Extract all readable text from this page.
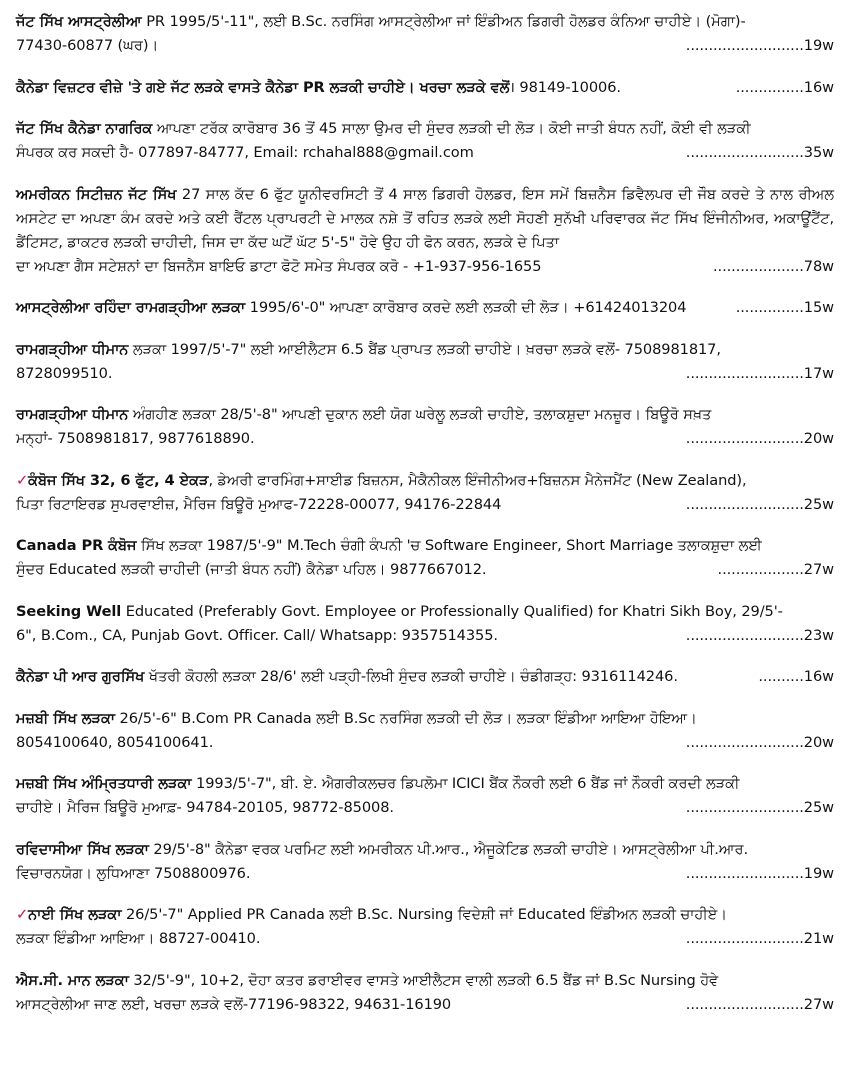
ਜੱਟ ਸਿੱਖ ਆਸਟ੍ਰੇਲੀਆ PR 1995/5'-11", ਲਈ B.Sc. ਨਰਸਿੰਗ ਆਸਟ੍ਰੇਲੀਆ ਜਾਂ ਇੰਡੀਅਨ ਡਿਗਰੀ ਹੋਲਡਰ ਕੰਨਿਆ ਚਾਹੀਏ। (ਮੋਗਾ)-
77430-60877 (ਘਰ)।	..........................19w
ਕੈਨੇਡਾ ਵਿਜ਼ਟਰ ਵੀਜ਼ੇ 'ਤੇ ਗਏ ਜੱਟ ਲੜਕੇ ਵਾਸਤੇ ਕੈਨੇਡਾ PR ਲੜਕੀ ਚਾਹੀਏ। ਖਰਚਾ ਲੜਕੇ ਵਲੋਂ। 98149-10006.	...............16w
ਜੱਟ ਸਿੱਖ ਕੈਨੇਡਾ ਨਾਗਰਿਕ ਆਪਣਾ ਟਰੱਕ ਕਾਰੋਬਾਰ 36 ਤੋਂ 45 ਸਾਲਾ ਉਮਰ ਦੀ ਸੁੰਦਰ ਲੜਕੀ ਦੀ ਲੋੜ। ਕੋਈ ਜਾਤੀ ਬੰਧਨ ਨਹੀਂ, ਕੋਈ ਵੀ ਲੜਕੀ
ਸੰਪਰਕ ਕਰ ਸਕਦੀ ਹੈ- 077897-84777, Email: rchahal888@gmail.com	..........................35w
ਅਮਰੀਕਨ ਸਿਟੀਜ਼ਨ ਜੱਟ ਸਿੱਖ 27 ਸਾਲ ਕੱਦ 6 ਫੁੱਟ ਯੂਨੀਵਰਸਿਟੀ ਤੋਂ 4 ਸਾਲ ਡਿਗਰੀ ਹੋਲਡਰ, ਇਸ ਸਮੇਂ ਬਿਜ਼ਨੈਸ ਡਿਵੈਲਪਰ ਦੀ ਜੌਬ ਕਰਦੇ ਤੇ ਨਾਲ ਰੀਅਲ ਅਸਟੇਟ ਦਾ ਅਪਣਾ ਕੰਮ ਕਰਦੇ ਅਤੇ ਕਈ ਰੈਂਟਲ ਪ੍ਰਾਪਰਟੀ ਦੇ ਮਾਲਕ ਨਸ਼ੇ ਤੋਂ ਰਹਿਤ ਲੜਕੇ ਲਈ ਸੋਹਣੀ ਸੁਨੱਖੀ ਪਰਿਵਾਰਕ ਜੱਟ ਸਿੱਖ ਇੰਜੀਨੀਅਰ, ਅਕਾਊਂਟੈਂਟ, ਡੈਂਟਿਸਟ, ਡਾਕਟਰ ਲੜਕੀ ਚਾਹੀਦੀ, ਜਿਸ ਦਾ ਕੱਦ ਘਟੋਂ ਘੱਟ 5'-5" ਹੋਵੇ ਉਹ ਹੀ ਫੋਨ ਕਰਨ, ਲੜਕੇ ਦੇ ਪਿਤਾ
ਦਾ ਅਪਣਾ ਗੈਸ ਸਟੇਸ਼ਨਾਂ ਦਾ ਬਿਜਨੈਸ ਬਾਇਓ ਡਾਟਾ ਫੋਟੋ ਸਮੇਤ ਸੰਪਰਕ ਕਰੋ - +1-937-956-1655	....................78w
ਆਸਟ੍ਰੇਲੀਆ ਰਹਿੰਦਾ ਰਾਮਗੜ੍ਹੀਆ ਲੜਕਾ 1995/6'-0" ਆਪਣਾ ਕਾਰੋਬਾਰ ਕਰਦੇ ਲਈ ਲੜਕੀ ਦੀ ਲੋੜ। +61424013204	...............15w
ਰਾਮਗੜ੍ਹੀਆ ਧੀਮਾਨ ਲੜਕਾ 1997/5'-7" ਲਈ ਆਈਲੈਟਸ 6.5 ਬੈਂਡ ਪ੍ਰਾਪਤ ਲੜਕੀ ਚਾਹੀਏ। ਖ਼ਰਚਾ ਲੜਕੇ ਵਲੋਂ- 7508981817,
8728099510.	..........................17w
ਰਾਮਗੜ੍ਹੀਆ ਧੀਮਾਨ ਅੰਗਹੀਣ ਲੜਕਾ 28/5'-8" ਆਪਣੀ ਦੁਕਾਨ ਲਈ ਯੋਗ ਘਰੇਲੂ ਲੜਕੀ ਚਾਹੀਏ, ਤਲਾਕਸ਼ੁਦਾ ਮਨਜ਼ੂਰ। ਬਿਊਰੋ ਸਖ਼ਤ
ਮਨ੍ਹਾਂ- 7508981817, 9877618890.	..........................20w
✓ਕੰਬੋਜ ਸਿੱਖ 32, 6 ਫੁੱਟ, 4 ਏਕੜ, ਡੇਅਰੀ ਫਾਰਮਿੰਗ+ਸਾਈਡ ਬਿਜ਼ਨਸ, ਮੈਕੈਨੀਕਲ ਇੰਜੀਨੀਅਰ+ਬਿਜ਼ਨਸ ਮੈਨੇਜਮੈਂਟ (New Zealand),
ਪਿਤਾ ਰਿਟਾਇਰਡ ਸੁਪਰਵਾਈਜ਼, ਮੈਰਿਜ ਬਿਊਰੋ ਮੁਆਫ-72228-00077, 94176-22844	..........................25w
Canada PR ਕੰਬੋਜ ਸਿੱਖ ਲੜਕਾ 1987/5'-9" M.Tech ਚੰਗੀ ਕੰਪਨੀ 'ਚ Software Engineer, Short Marriage ਤਲਾਕਸ਼ੁਦਾ ਲਈ
ਸੁੰਦਰ Educated ਲੜਕੀ ਚਾਹੀਦੀ (ਜਾਤੀ ਬੰਧਨ ਨਹੀਂ) ਕੈਨੇਡਾ ਪਹਿਲ। 9877667012.	...................27w
Seeking Well Educated (Preferably Govt. Employee or Professionally Qualified) for Khatri Sikh Boy, 29/5'-
6", B.Com., CA, Punjab Govt. Officer. Call/ Whatsapp: 9357514355.	..........................23w
ਕੈਨੇਡਾ ਪੀ ਆਰ ਗੁਰਸਿੱਖ ਖੱਤਰੀ ਕੋਹਲੀ ਲੜਕਾ 28/6' ਲਈ ਪੜ੍ਹੀ-ਲਿਖੀ ਸੁੰਦਰ ਲੜਕੀ ਚਾਹੀਏ। ਚੰਡੀਗੜ੍ਹ: 9316114246.	..........16w
ਮਜ਼ਬੀ ਸਿੱਖ ਲੜਕਾ 26/5'-6" B.Com PR Canada ਲਈ B.Sc ਨਰਸਿੰਗ ਲੜਕੀ ਦੀ ਲੋੜ। ਲੜਕਾ ਇੰਡੀਆ ਆਇਆ ਹੋਇਆ।
8054100640, 8054100641.	..........................20w
ਮਜ਼ਬੀ ਸਿੱਖ ਅੰਮ੍ਰਿਤਧਾਰੀ ਲੜਕਾ 1993/5'-7", ਬੀ. ਏ. ਐਗਰੀਕਲਚਰ ਡਿਪਲੋਮਾ ICICI ਬੈਂਕ ਨੌਕਰੀ ਲਈ 6 ਬੈਂਡ ਜਾਂ ਨੌਕਰੀ ਕਰਦੀ ਲੜਕੀ
ਚਾਹੀਏ। ਮੈਰਿਜ ਬਿਊਰੋ ਮੁਆਫ਼- 94784-20105, 98772-85008.	..........................25w
ਰਵਿਦਾਸੀਆ ਸਿੱਖ ਲੜਕਾ 29/5'-8" ਕੈਨੇਡਾ ਵਰਕ ਪਰਮਿਟ ਲਈ ਅਮਰੀਕਨ ਪੀ.ਆਰ., ਐਜੂਕੇਟਿਡ ਲੜਕੀ ਚਾਹੀਏ। ਆਸਟ੍ਰੇਲੀਆ ਪੀ.ਆਰ.
ਵਿਚਾਰਨਯੋਗ। ਲੁਧਿਆਣਾ 7508800976.	..........................19w
✓ਨਾਈ ਸਿੱਖ ਲੜਕਾ 26/5'-7" Applied PR Canada ਲਈ B.Sc. Nursing ਵਿਦੇਸ਼ੀ ਜਾਂ Educated ਇੰਡੀਅਨ ਲੜਕੀ ਚਾਹੀਏ।
ਲੜਕਾ ਇੰਡੀਆ ਆਇਆ। 88727-00410.	..........................21w
ਐਸ.ਸੀ. ਮਾਨ ਲੜਕਾ 32/5'-9", 10+2, ਦੋਹਾ ਕਤਰ ਡਰਾਈਵਰ ਵਾਸਤੇ ਆਈਲੈਟਸ ਵਾਲੀ ਲੜਕੀ 6.5 ਬੈਂਡ ਜਾਂ B.Sc Nursing ਹੋਵੇ
ਆਸਟ੍ਰੇਲੀਆ ਜਾਣ ਲਈ, ਖਰਚਾ ਲੜਕੇ ਵਲੋਂ-77196-98322, 94631-16190	..........................27w
